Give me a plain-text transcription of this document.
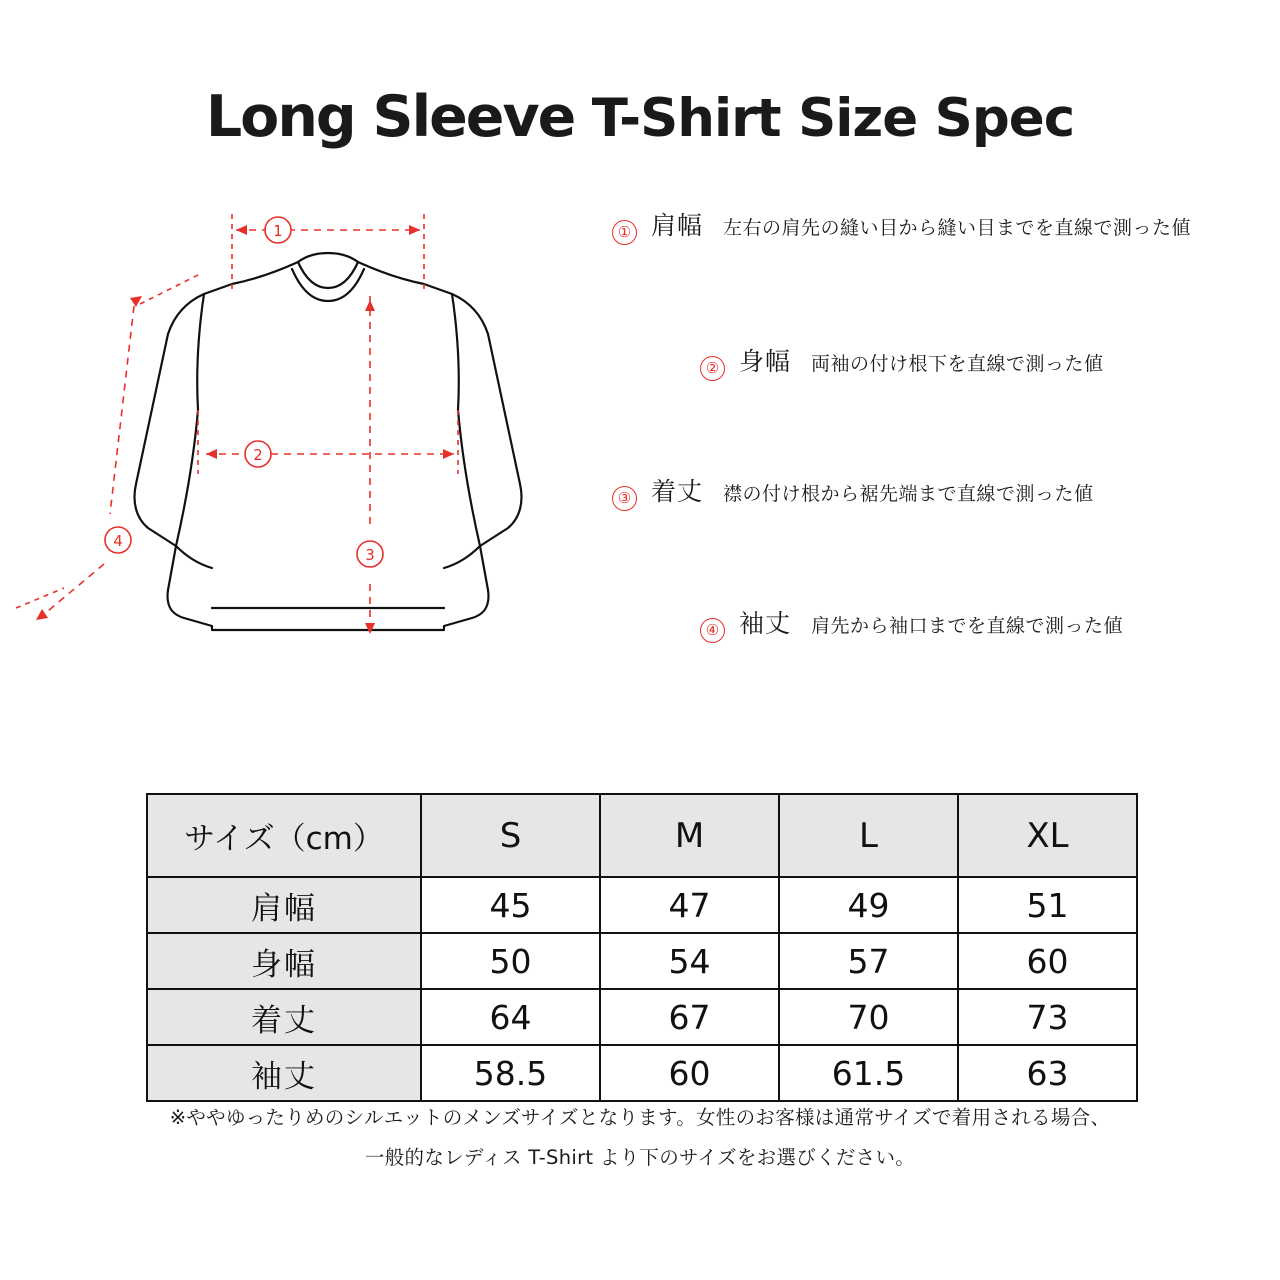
Long Sleeve T-Shirt Size Spec
1
2
3
4
① 肩幅 左右の肩先の縫い目から縫い目までを直線で測った値
② 身幅 両袖の付け根下を直線で測った値
③ 着丈 襟の付け根から裾先端まで直線で測った値
④ 袖丈 肩先から袖口までを直線で測った値
サイズ（cm）	S	M	L	XL
肩幅	45	47	49	51
身幅	50	54	57	60
着丈	64	67	70	73
袖丈	58.5	60	61.5	63
※ややゆったりめのシルエットのメンズサイズとなります。女性のお客様は通常サイズで着用される場合、
一般的なレディス T-Shirt より下のサイズをお選びください。
